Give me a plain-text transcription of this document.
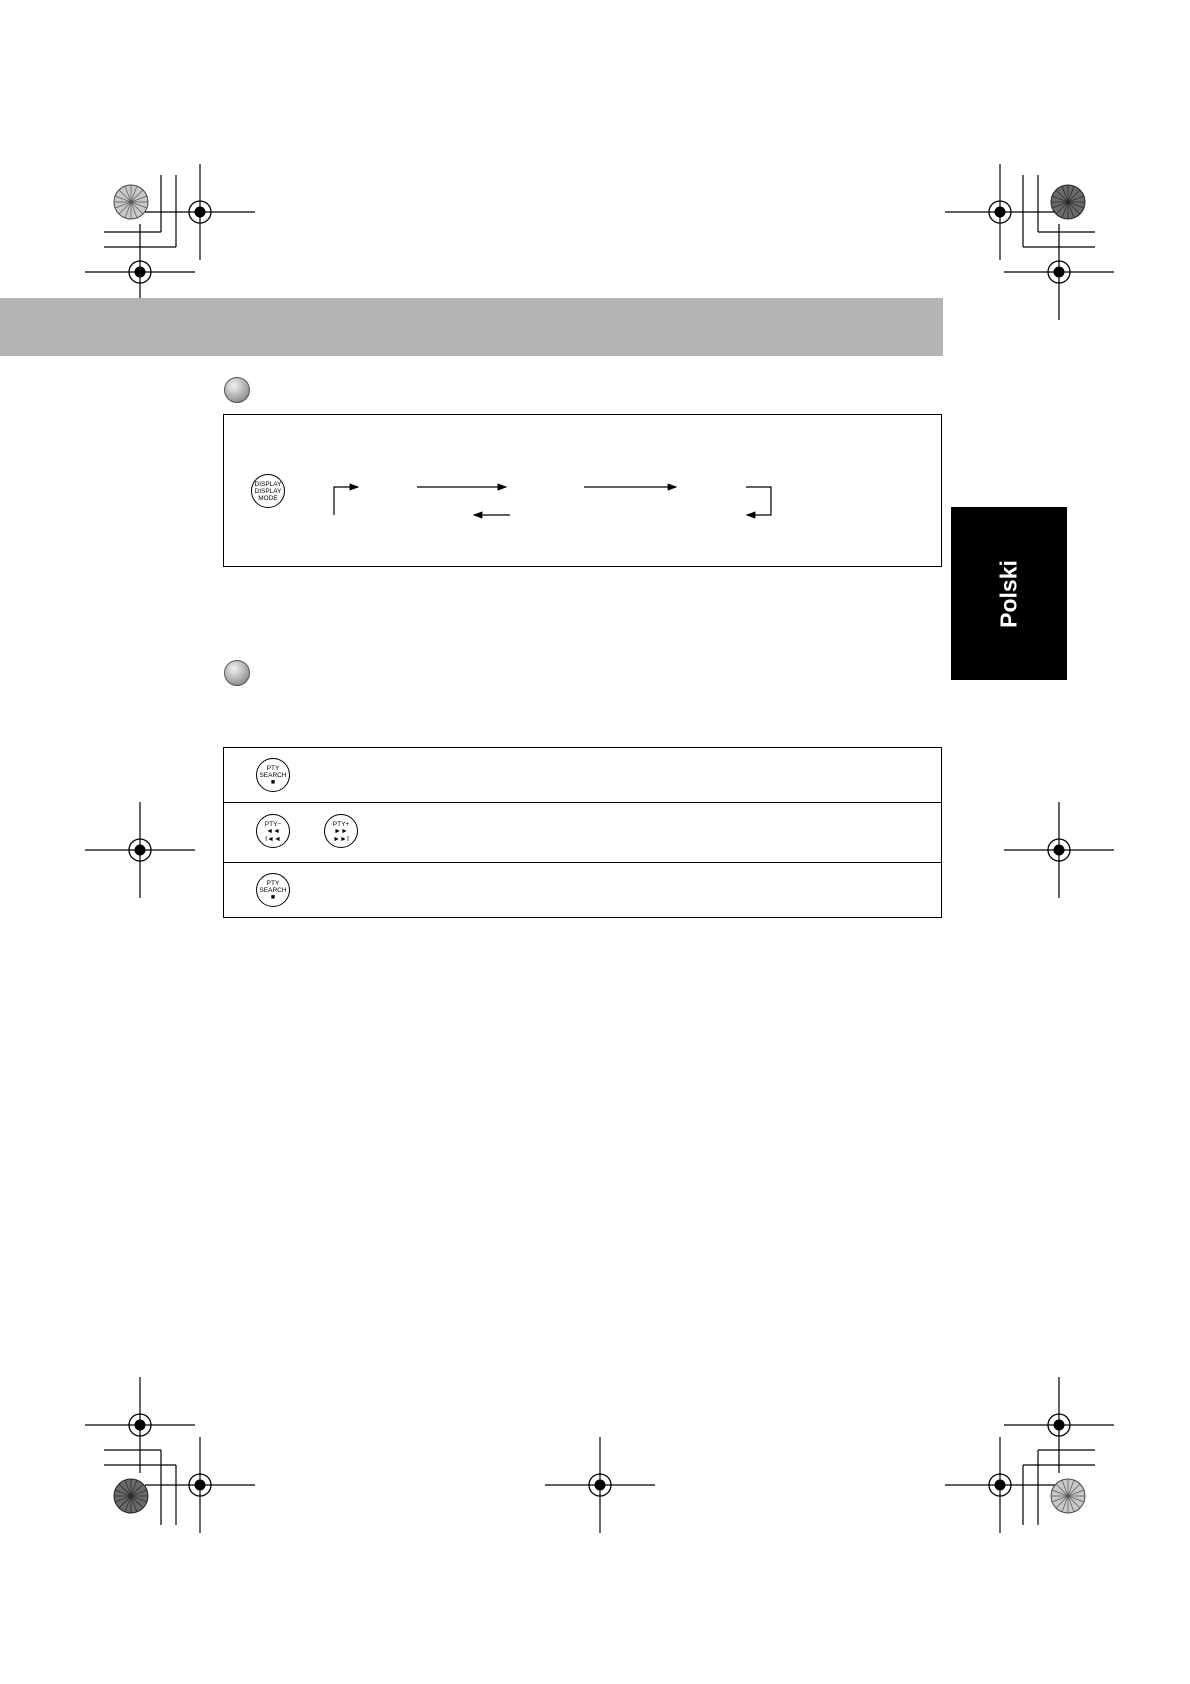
Polski
DISPLAY
DISPLAY
MODE
PTY
SEARCH
■
PTY−
◄◄
I◄◄
PTY+
►►
►►I
PTY
SEARCH
■
